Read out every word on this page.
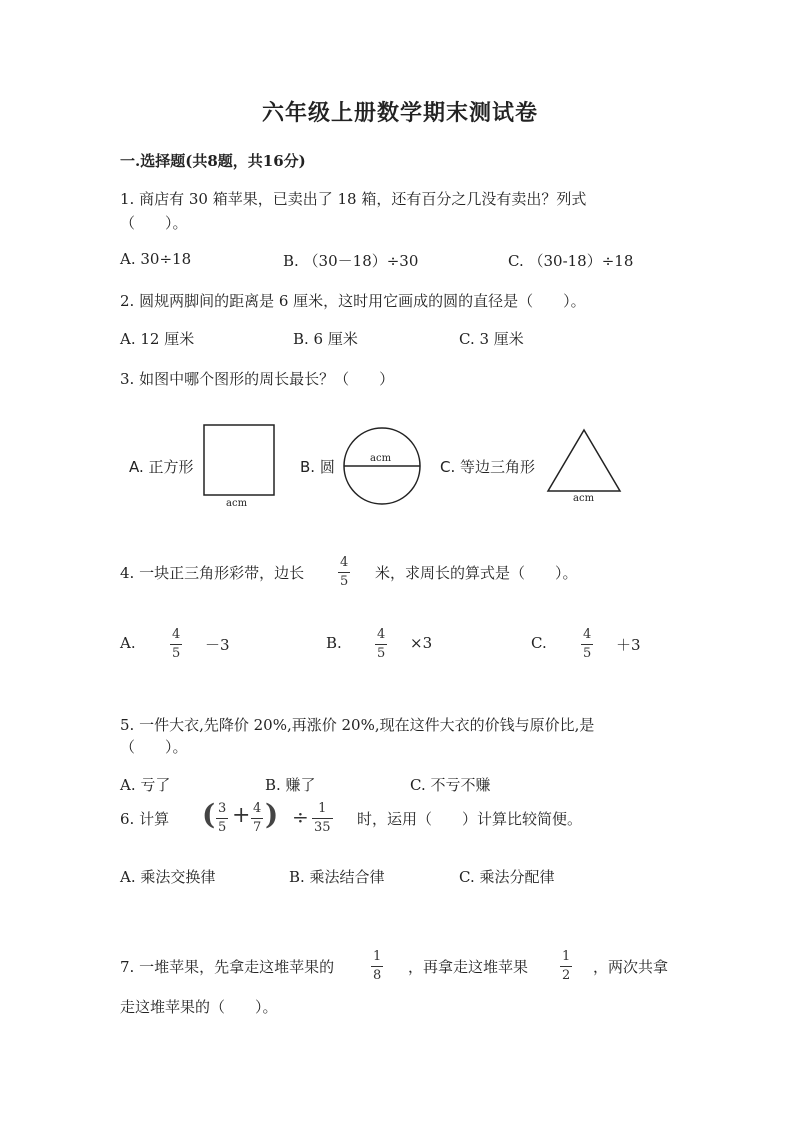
六年级上册数学期末测试卷
一.选择题(共8题，共16分)
1. 商店有 30 箱苹果，已卖出了 18 箱，还有百分之几没有卖出？列式
（　　）。
A. 30÷18	B. （30－18）÷30	C. （30-18）÷18
2. 圆规两脚间的距离是 6 厘米，这时用它画成的圆的直径是（　　）。
A. 12 厘米	B. 6 厘米	C. 3 厘米
3. 如图中哪个图形的周长最长？（　　）
A. 正方形	B. 圆	C. 等边三角形
acm
acm
acm
4. 一块正三角形彩带，边长
4
5 米，求周长的算式是（　　）。
A.	4
5 －3	B.	4
5
×3	C.	4
5 ＋3
5. 一件大衣,先降价 20%,再涨价 20%,现在这件大衣的价钱与原价比,是
（　　）。
A. 亏了	B. 赚了	C. 不亏不赚
6. 计算 ( 3
5 + 4
7 ) ÷ 1
35 时，运用（　　）计算比较简便。
A. 乘法交换律	B. 乘法结合律	C. 乘法分配律
7. 一堆苹果，先拿走这堆苹果的
1
8 ，再拿走这堆苹果
1
2 ，两次共拿
走这堆苹果的（　　）。
